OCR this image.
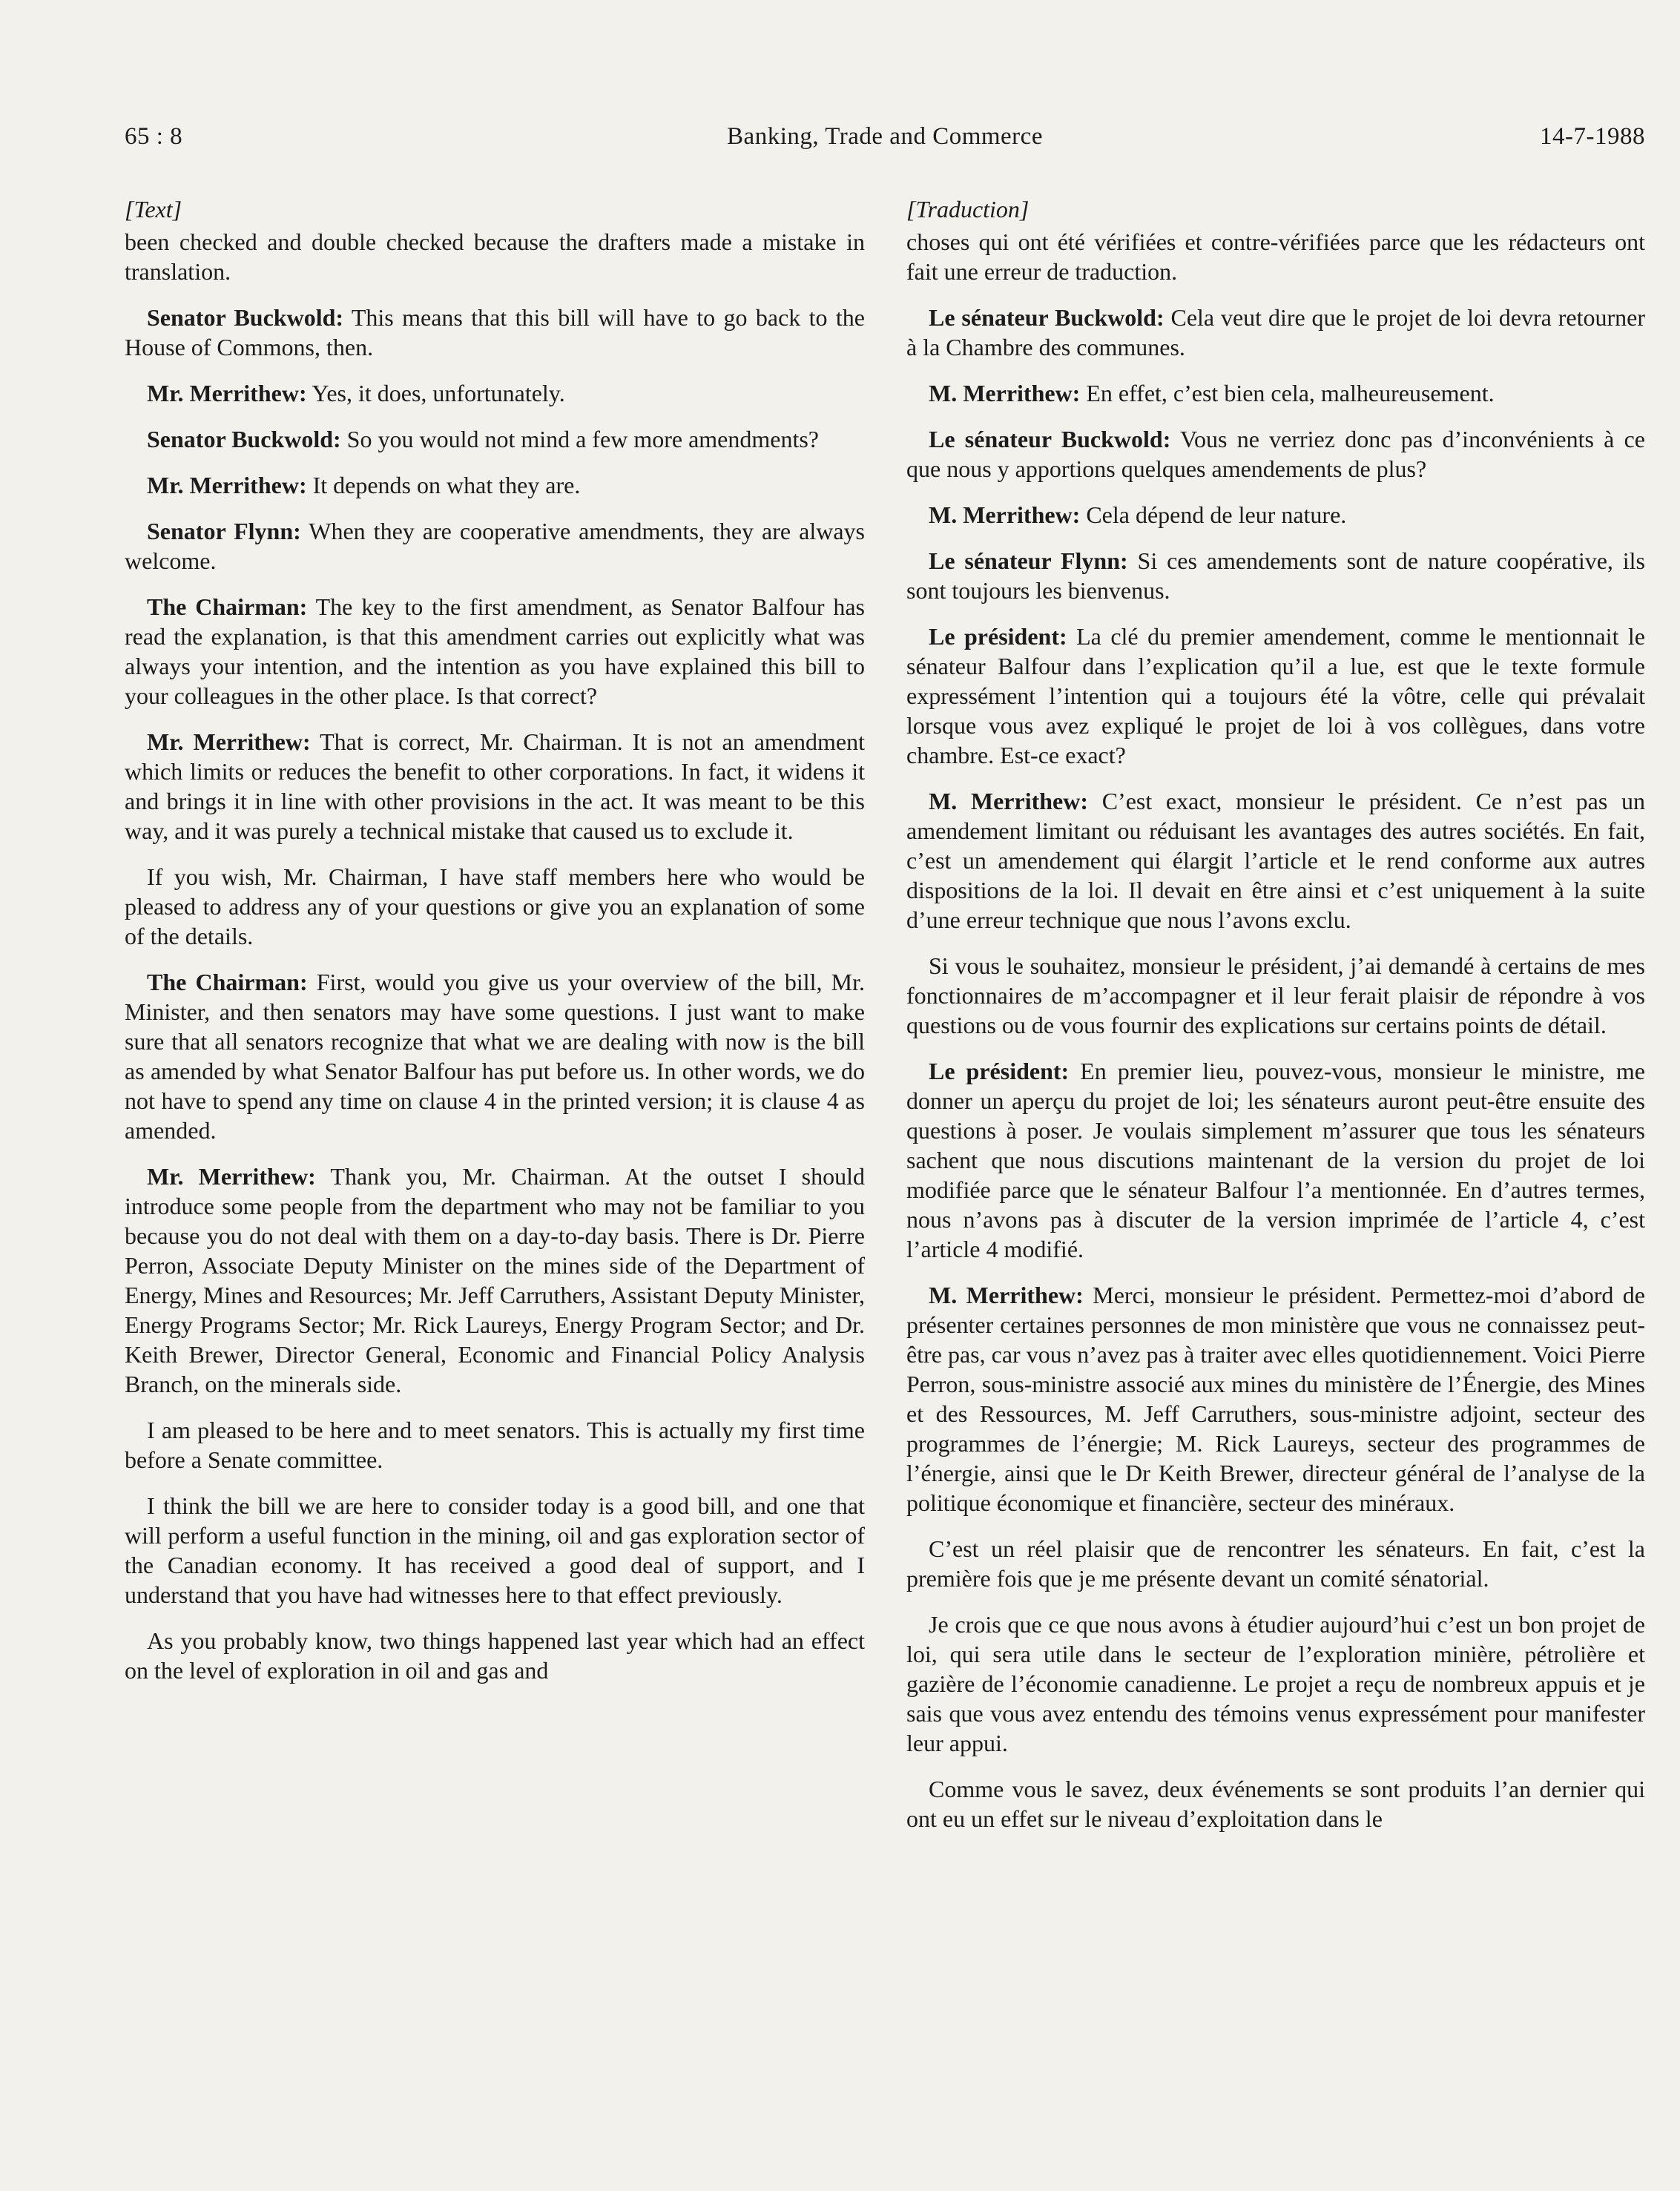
65 : 8	Banking, Trade and Commerce	14-7-1988
[Text]

been checked and double checked because the drafters made a mistake in translation.

Senator Buckwold: This means that this bill will have to go back to the House of Commons, then.

Mr. Merrithew: Yes, it does, unfortunately.

Senator Buckwold: So you would not mind a few more amendments?

Mr. Merrithew: It depends on what they are.

Senator Flynn: When they are cooperative amendments, they are always welcome.

The Chairman: The key to the first amendment, as Senator Balfour has read the explanation, is that this amendment carries out explicitly what was always your intention, and the intention as you have explained this bill to your colleagues in the other place. Is that correct?

Mr. Merrithew: That is correct, Mr. Chairman. It is not an amendment which limits or reduces the benefit to other corporations. In fact, it widens it and brings it in line with other provisions in the act. It was meant to be this way, and it was purely a technical mistake that caused us to exclude it.

If you wish, Mr. Chairman, I have staff members here who would be pleased to address any of your questions or give you an explanation of some of the details.

The Chairman: First, would you give us your overview of the bill, Mr. Minister, and then senators may have some questions. I just want to make sure that all senators recognize that what we are dealing with now is the bill as amended by what Senator Balfour has put before us. In other words, we do not have to spend any time on clause 4 in the printed version; it is clause 4 as amended.

Mr. Merrithew: Thank you, Mr. Chairman. At the outset I should introduce some people from the department who may not be familiar to you because you do not deal with them on a day-to-day basis. There is Dr. Pierre Perron, Associate Deputy Minister on the mines side of the Department of Energy, Mines and Resources; Mr. Jeff Carruthers, Assistant Deputy Minister, Energy Programs Sector; Mr. Rick Laureys, Energy Program Sector; and Dr. Keith Brewer, Director General, Economic and Financial Policy Analysis Branch, on the minerals side.

I am pleased to be here and to meet senators. This is actually my first time before a Senate committee.

I think the bill we are here to consider today is a good bill, and one that will perform a useful function in the mining, oil and gas exploration sector of the Canadian economy. It has received a good deal of support, and I understand that you have had witnesses here to that effect previously.

As you probably know, two things happened last year which had an effect on the level of exploration in oil and gas and

[Traduction]

choses qui ont été vérifiées et contre-vérifiées parce que les rédacteurs ont fait une erreur de traduction.

Le sénateur Buckwold: Cela veut dire que le projet de loi devra retourner à la Chambre des communes.

M. Merrithew: En effet, c’est bien cela, malheureusement.

Le sénateur Buckwold: Vous ne verriez donc pas d’inconvénients à ce que nous y apportions quelques amendements de plus?

M. Merrithew: Cela dépend de leur nature.

Le sénateur Flynn: Si ces amendements sont de nature coopérative, ils sont toujours les bienvenus.

Le président: La clé du premier amendement, comme le mentionnait le sénateur Balfour dans l’explication qu’il a lue, est que le texte formule expressément l’intention qui a toujours été la vôtre, celle qui prévalait lorsque vous avez expliqué le projet de loi à vos collègues, dans votre chambre. Est-ce exact?

M. Merrithew: C’est exact, monsieur le président. Ce n’est pas un amendement limitant ou réduisant les avantages des autres sociétés. En fait, c’est un amendement qui élargit l’article et le rend conforme aux autres dispositions de la loi. Il devait en être ainsi et c’est uniquement à la suite d’une erreur technique que nous l’avons exclu.

Si vous le souhaitez, monsieur le président, j’ai demandé à certains de mes fonctionnaires de m’accompagner et il leur ferait plaisir de répondre à vos questions ou de vous fournir des explications sur certains points de détail.

Le président: En premier lieu, pouvez-vous, monsieur le ministre, me donner un aperçu du projet de loi; les sénateurs auront peut-être ensuite des questions à poser. Je voulais simplement m’assurer que tous les sénateurs sachent que nous discutions maintenant de la version du projet de loi modifiée parce que le sénateur Balfour l’a mentionnée. En d’autres termes, nous n’avons pas à discuter de la version imprimée de l’article 4, c’est l’article 4 modifié.

M. Merrithew: Merci, monsieur le président. Permettez-moi d’abord de présenter certaines personnes de mon ministère que vous ne connaissez peut-être pas, car vous n’avez pas à traiter avec elles quotidiennement. Voici Pierre Perron, sous-ministre associé aux mines du ministère de l’Énergie, des Mines et des Ressources, M. Jeff Carruthers, sous-ministre adjoint, secteur des programmes de l’énergie; M. Rick Laureys, secteur des programmes de l’énergie, ainsi que le Dr Keith Brewer, directeur général de l’analyse de la politique économique et financière, secteur des minéraux.

C’est un réel plaisir que de rencontrer les sénateurs. En fait, c’est la première fois que je me présente devant un comité sénatorial.

Je crois que ce que nous avons à étudier aujourd’hui c’est un bon projet de loi, qui sera utile dans le secteur de l’exploration minière, pétrolière et gazière de l’économie canadienne. Le projet a reçu de nombreux appuis et je sais que vous avez entendu des témoins venus expressément pour manifester leur appui.

Comme vous le savez, deux événements se sont produits l’an dernier qui ont eu un effet sur le niveau d’exploitation dans le
